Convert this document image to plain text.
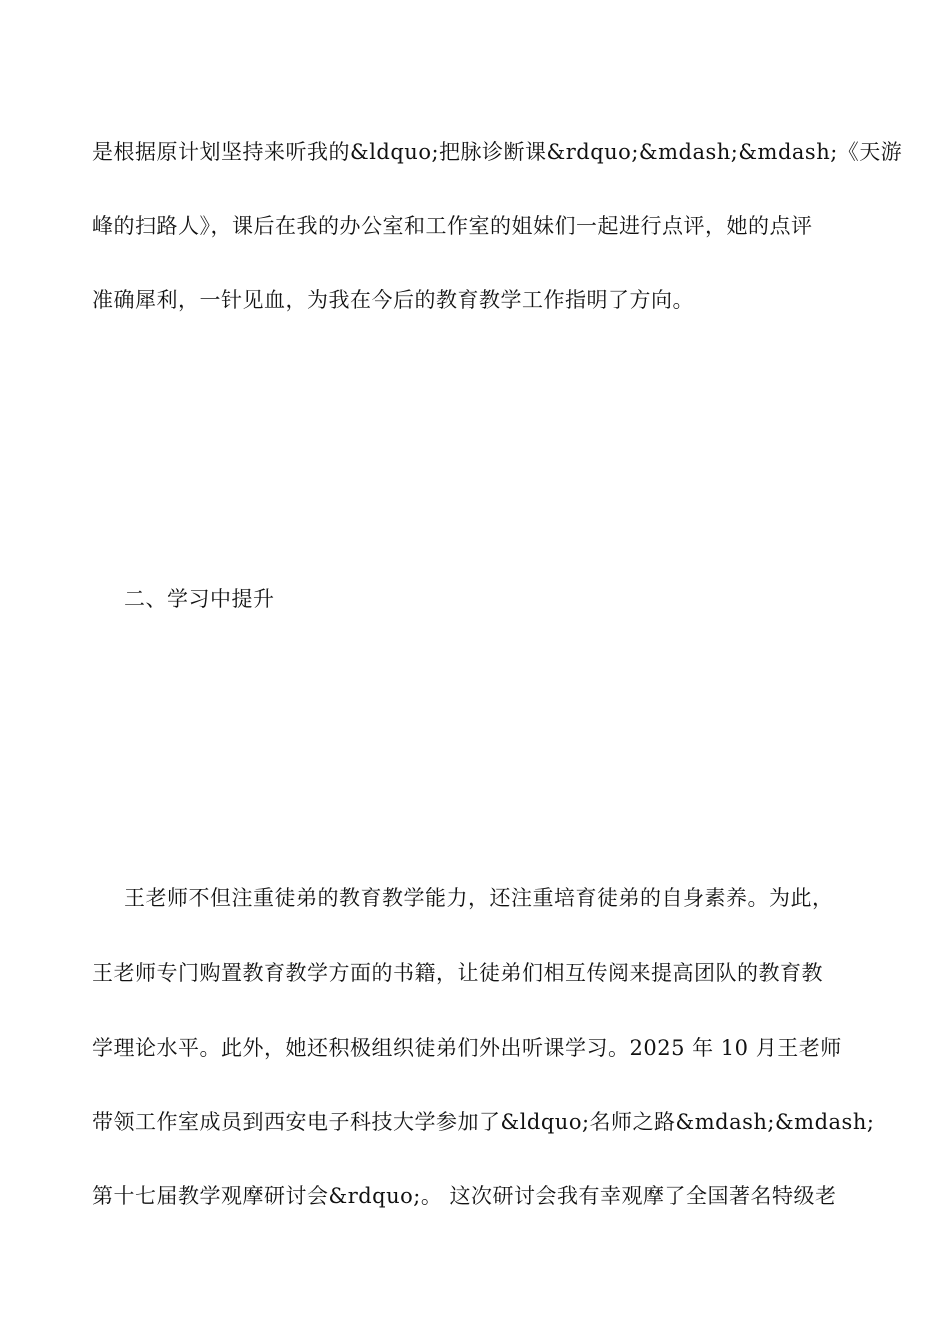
是根据原计划坚持来听我的&ldquo;把脉诊断课&rdquo;&mdash;&mdash;《天游
峰的扫路人》，课后在我的办公室和工作室的姐妹们一起进行点评，她的点评
准确犀利，一针见血，为我在今后的教育教学工作指明了方向。
二、学习中提升
王老师不但注重徒弟的教育教学能力，还注重培育徒弟的自身素养。为此，
王老师专门购置教育教学方面的书籍，让徒弟们相互传阅来提高团队的教育教
学理论水平。此外，她还积极组织徒弟们外出听课学习。2025 年 10 月王老师
带领工作室成员到西安电子科技大学参加了&ldquo;名师之路&mdash;&mdash;
第十七届教学观摩研讨会&rdquo;。 这次研讨会我有幸观摩了全国著名特级老
